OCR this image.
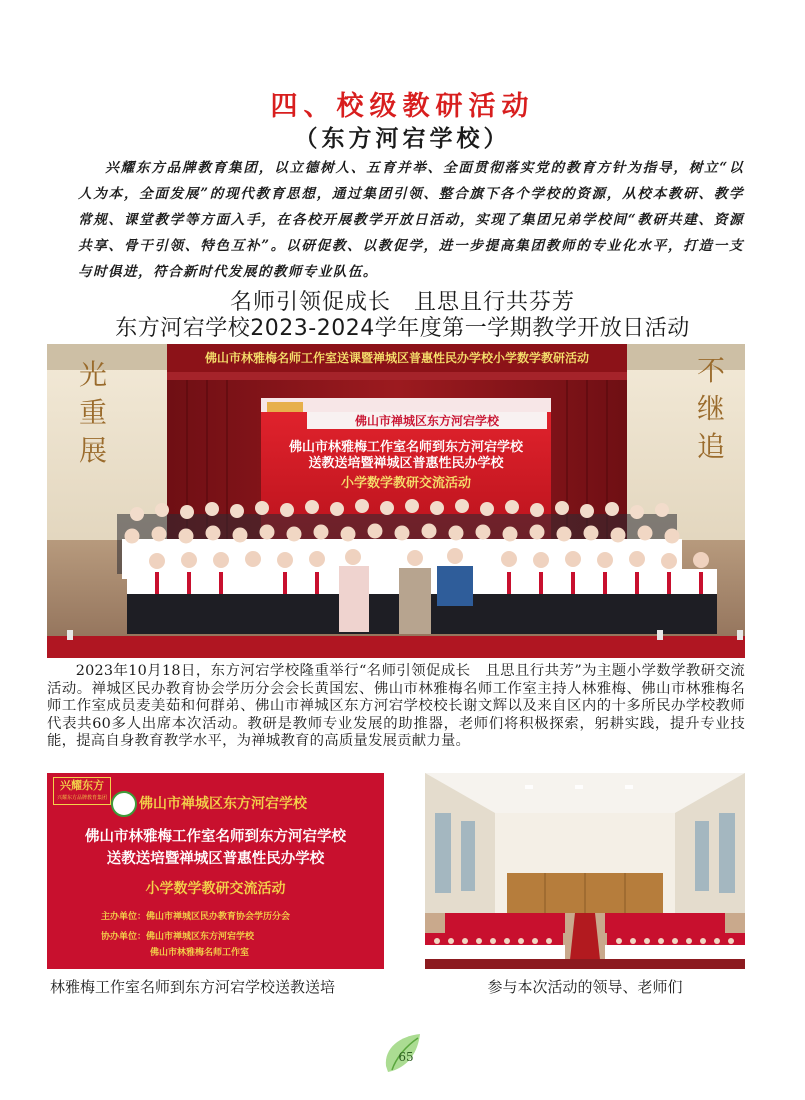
四、校级教研活动
（东方河宕学校）
兴耀东方品牌教育集团，以立德树人、五育并举、全面贯彻落实党的教育方针为指导，树立“以人为本，全面发展”的现代教育思想，通过集团引领、整合旗下各个学校的资源，从校本教研、教学常规、课堂教学等方面入手，在各校开展教学开放日活动，实现了集团兄弟学校间“教研共建、资源共享、骨干引领、特色互补”。以研促教、以教促学，进一步提高集团教师的专业化水平，打造一支与时俱进，符合新时代发展的教师专业队伍。
名师引领促成长　且思且行共芬芳
东方河宕学校2023-2024学年度第一学期教学开放日活动
佛山市林雅梅名师工作室送课暨禅城区普惠性民办学校小学数学教研活动
光重展
不继追
佛山市禅城区东方河宕学校
佛山市林雅梅工作室名师到东方河宕学校
送教送培暨禅城区普惠性民办学校
小学数学教研交流活动
2023年10月18日，东方河宕学校隆重举行“名师引领促成长　且思且行共芳”为主题小学数学教研交流活动。禅城区民办教育协会学历分会会长黄国宏、佛山市林雅梅名师工作室主持人林雅梅、佛山市林雅梅名师工作室成员麦美茹和何群弟、佛山市禅城区东方河宕学校校长谢文辉以及来自区内的十多所民办学校教师代表共60多人出席本次活动。教研是教师专业发展的助推器，老师们将积极探索，躬耕实践，提升专业技能，提高自身教育教学水平，为禅城教育的高质量发展贡献力量。
兴耀东方
兴耀东方品牌教育集团 佛山市禅城区东方河宕学校
佛山市林雅梅工作室名师到东方河宕学校
送教送培暨禅城区普惠性民办学校
小学数学教研交流活动
主办单位：佛山市禅城区民办教育协会学历分会
协办单位：佛山市禅城区东方河宕学校
佛山市林雅梅名师工作室
林雅梅工作室名师到东方河宕学校送教送培	参与本次活动的领导、老师们
65
